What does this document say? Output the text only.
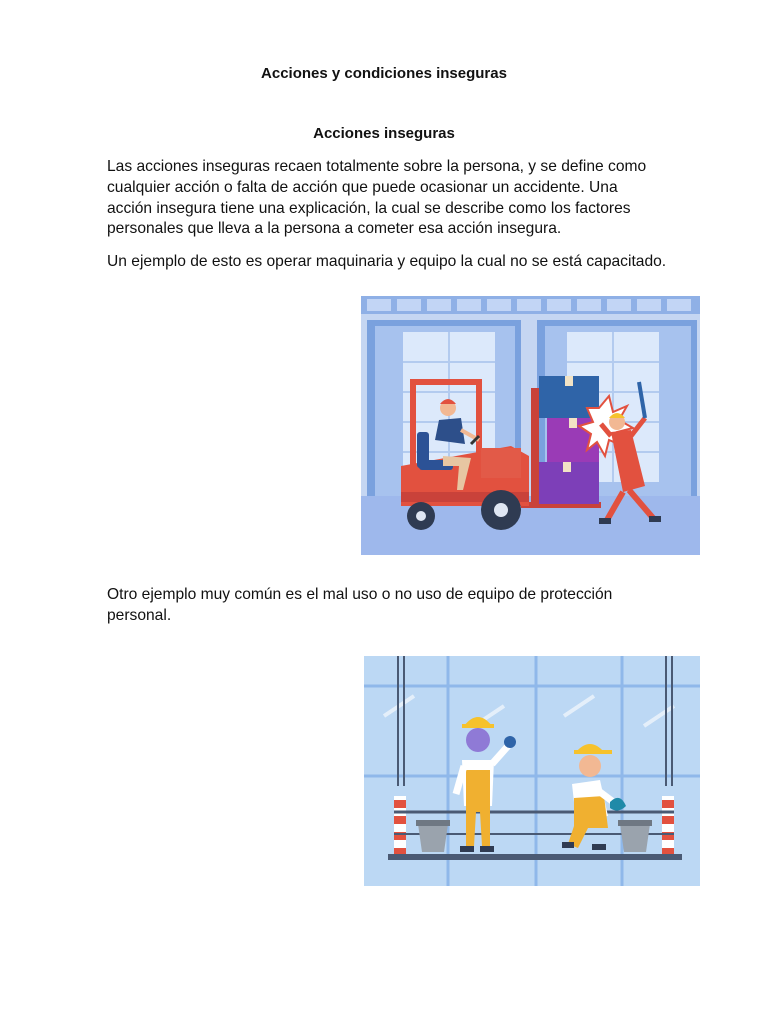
Acciones y condiciones inseguras
Acciones inseguras

Las acciones inseguras recaen totalmente sobre la persona, y se define como cualquier acción o falta de acción que puede ocasionar un accidente. Una acción insegura tiene una explicación, la cual se describe como los factores personales que lleva a la persona a cometer esa acción insegura.

Un ejemplo de esto es operar maquinaria y equipo la cual no se está capacitado.

Otro ejemplo muy común es el mal uso o no uso de equipo de protección personal.
